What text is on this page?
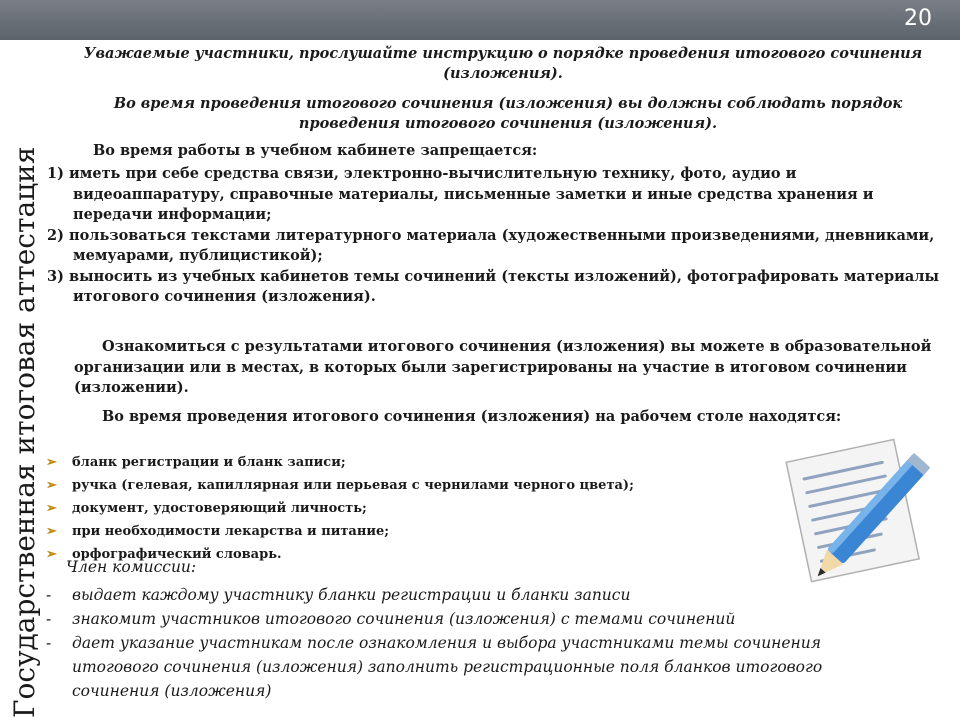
20
Государственная итоговая аттестация
Уважаемые участники, прослушайте инструкцию о порядке проведения итогового сочинения (изложения).
Во время проведения итогового сочинения (изложения) вы должны соблюдать порядок проведения итогового сочинения (изложения).
Во время работы в учебном кабинете запрещается:
1) иметь при себе средства связи, электронно-вычислительную технику, фото, аудио и видеоаппаратуру, справочные материалы, письменные заметки и иные средства хранения и передачи информации;
2) пользоваться текстами литературного материала (художественными произведениями, дневниками, мемуарами, публицистикой);
3) выносить из учебных кабинетов темы сочинений (тексты изложений), фотографировать материалы итогового сочинения (изложения).
Ознакомиться с результатами итогового сочинения (изложения) вы можете в образовательной организации или в местах, в которых были зарегистрированы на участие в итоговом сочинении (изложении).
Во время проведения итогового сочинения (изложения) на рабочем столе находятся:
➢	бланк регистрации и бланк записи;
➢	ручка (гелевая, капиллярная или перьевая с чернилами черного цвета);
➢	документ, удостоверяющий личность;
➢	при необходимости лекарства и питание;
➢	орфографический словарь.
Член комиссии:
-	выдает каждому участнику бланки регистрации и бланки записи
-	знакомит участников итогового сочинения (изложения) с темами сочинений
-	дает указание участникам после ознакомления и выбора участниками темы сочинения итогового сочинения (изложения) заполнить регистрационные поля бланков итогового сочинения (изложения)
